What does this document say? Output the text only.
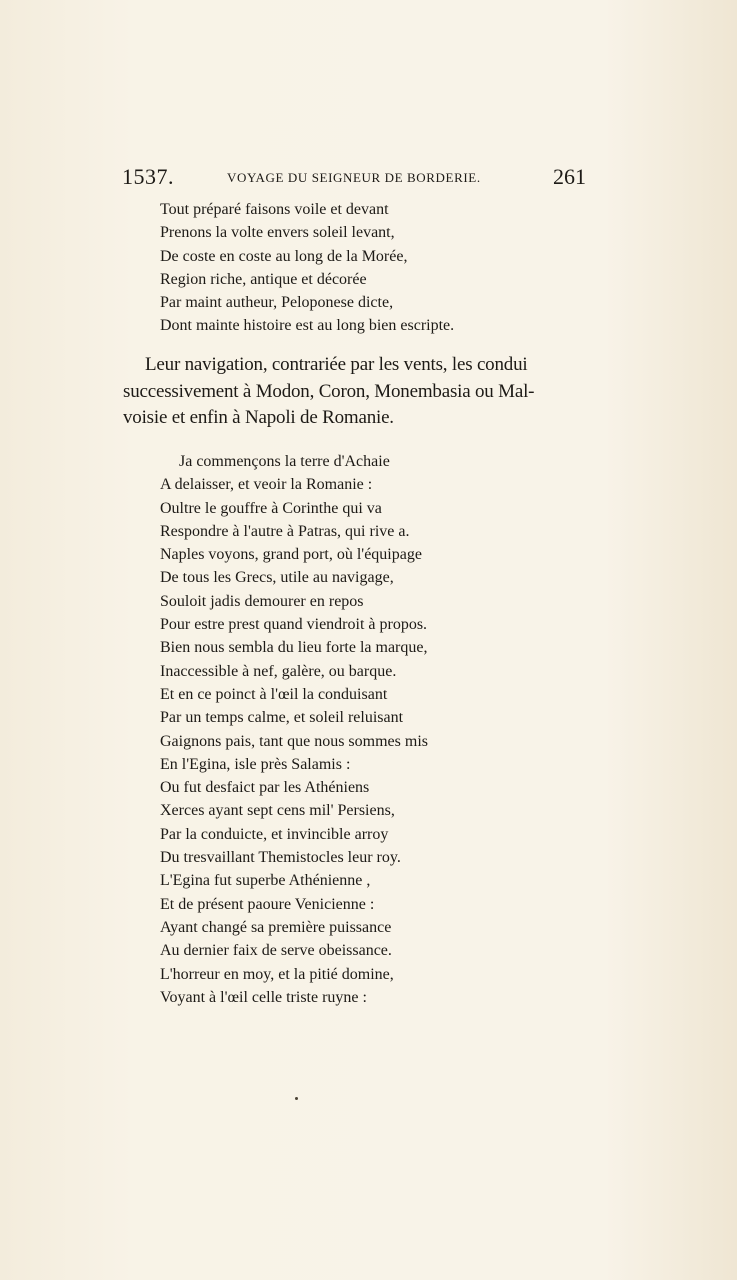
1537.	VOYAGE DU SEIGNEUR DE BORDERIE.	261
Tout préparé faisons voile et devant
Prenons la volte envers soleil levant,
De coste en coste au long de la Morée,
Region riche, antique et décorée
Par maint autheur, Peloponese dicte,
Dont mainte histoire est au long bien escripte.

Leur navigation, contrariée par les vents, les condui
successivement à Modon, Coron, Monembasia ou Mal-
voisie et enfin à Napoli de Romanie.

Ja commençons la terre d'Achaie
A delaisser, et veoir la Romanie :
Oultre le gouffre à Corinthe qui va
Respondre à l'autre à Patras, qui rive a.
Naples voyons, grand port, où l'équipage
De tous les Grecs, utile au navigage,
Souloit jadis demourer en repos
Pour estre prest quand viendroit à propos.
Bien nous sembla du lieu forte la marque,
Inaccessible à nef, galère, ou barque.
Et en ce poinct à l'œil la conduisant
Par un temps calme, et soleil reluisant
Gaignons pais, tant que nous sommes mis
En l'Egina, isle près Salamis :
Ou fut desfaict par les Athéniens
Xerces ayant sept cens mil' Persiens,
Par la conduicte, et invincible arroy
Du tresvaillant Themistocles leur roy.
L'Egina fut superbe Athénienne ,
Et de présent paoure Venicienne :
Ayant changé sa première puissance
Au dernier faix de serve obeissance.
L'horreur en moy, et la pitié domine,
Voyant à l'œil celle triste ruyne :
